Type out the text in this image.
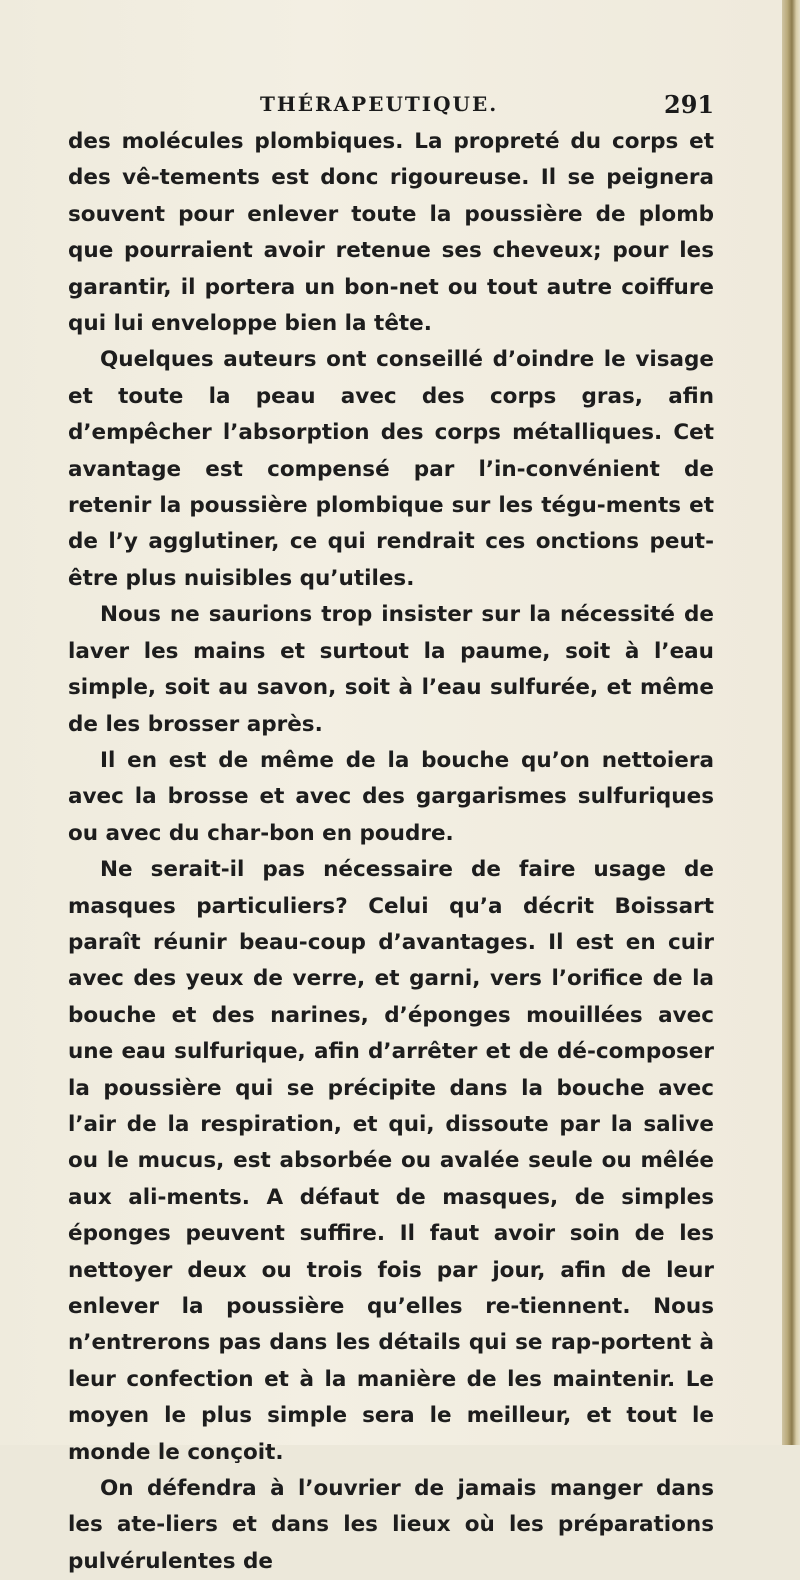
THÉRAPEUTIQUE.	291

des molécules plombiques. La propreté du corps et des vê-tements est donc rigoureuse. Il se peignera souvent pour enlever toute la poussière de plomb que pourraient avoir retenue ses cheveux; pour les garantir, il portera un bon-net ou tout autre coiffure qui lui enveloppe bien la tête.

Quelques auteurs ont conseillé d’oindre le visage et toute la peau avec des corps gras, afin d’empêcher l’absorption des corps métalliques. Cet avantage est compensé par l’in-convénient de retenir la poussière plombique sur les tégu-ments et de l’y agglutiner, ce qui rendrait ces onctions peut-être plus nuisibles qu’utiles.

Nous ne saurions trop insister sur la nécessité de laver les mains et surtout la paume, soit à l’eau simple, soit au savon, soit à l’eau sulfurée, et même de les brosser après.

Il en est de même de la bouche qu’on nettoiera avec la brosse et avec des gargarismes sulfuriques ou avec du char-bon en poudre.

Ne serait-il pas nécessaire de faire usage de masques particuliers? Celui qu’a décrit Boissart paraît réunir beau-coup d’avantages. Il est en cuir avec des yeux de verre, et garni, vers l’orifice de la bouche et des narines, d’éponges mouillées avec une eau sulfurique, afin d’arrêter et de dé-composer la poussière qui se précipite dans la bouche avec l’air de la respiration, et qui, dissoute par la salive ou le mucus, est absorbée ou avalée seule ou mêlée aux ali-ments. A défaut de masques, de simples éponges peuvent suffire. Il faut avoir soin de les nettoyer deux ou trois fois par jour, afin de leur enlever la poussière qu’elles re-tiennent. Nous n’entrerons pas dans les détails qui se rap-portent à leur confection et à la manière de les maintenir. Le moyen le plus simple sera le meilleur, et tout le monde le conçoit.

On défendra à l’ouvrier de jamais manger dans les ate-liers et dans les lieux où les préparations pulvérulentes de
